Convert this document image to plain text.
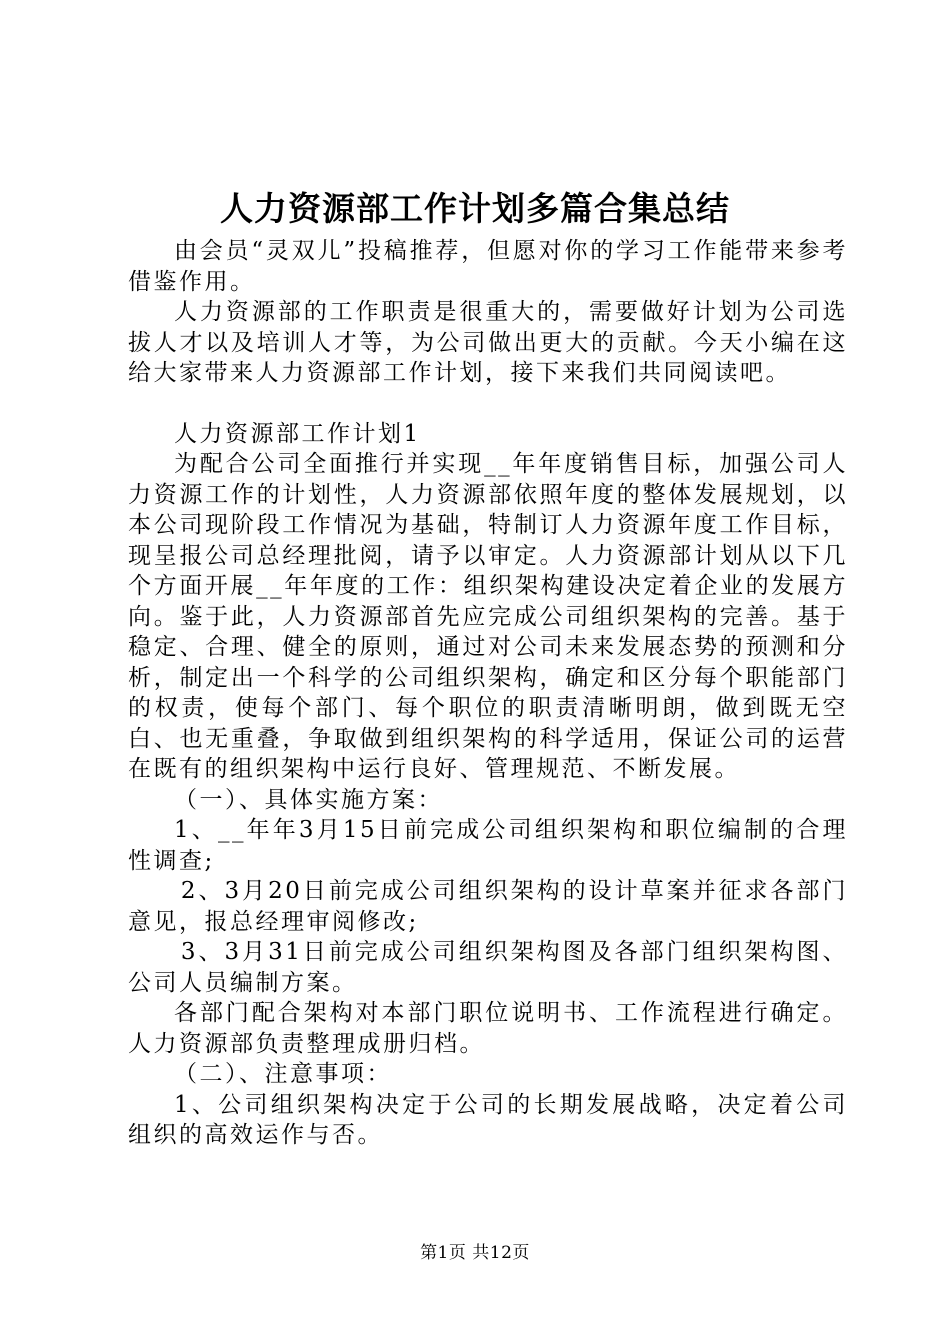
人力资源部工作计划多篇合集总结

由会员“灵双儿”投稿推荐，但愿对你的学习工作能带来参考借鉴作用。

人力资源部的工作职责是很重大的，需要做好计划为公司选拔人才以及培训人才等，为公司做出更大的贡献。今天小编在这给大家带来人力资源部工作计划，接下来我们共同阅读吧。

人力资源部工作计划1

为配合公司全面推行并实现__年年度销售目标，加强公司人力资源工作的计划性，人力资源部依照年度的整体发展规划，以本公司现阶段工作情况为基础，特制订人力资源年度工作目标，现呈报公司总经理批阅，请予以审定。人力资源部计划从以下几个方面开展__年年度的工作：组织架构建设决定着企业的发展方向。鉴于此，人力资源部首先应完成公司组织架构的完善。基于稳定、合理、健全的原则，通过对公司未来发展态势的预测和分析，制定出一个科学的公司组织架构，确定和区分每个职能部门的权责，使每个部门、每个职位的职责清晰明朗，做到既无空白、也无重叠，争取做到组织架构的科学适用，保证公司的运营在既有的组织架构中运行良好、管理规范、不断发展。

（一）、具体实施方案：

1、__年年3月15日前完成公司组织架构和职位编制的合理性调查;

2、3月20日前完成公司组织架构的设计草案并征求各部门意见，报总经理审阅修改;

3、3月31日前完成公司组织架构图及各部门组织架构图、公司人员编制方案。

各部门配合架构对本部门职位说明书、工作流程进行确定。人力资源部负责整理成册归档。

（二）、注意事项：

1、公司组织架构决定于公司的长期发展战略，决定着公司组织的高效运作与否。

第1页 共12页
